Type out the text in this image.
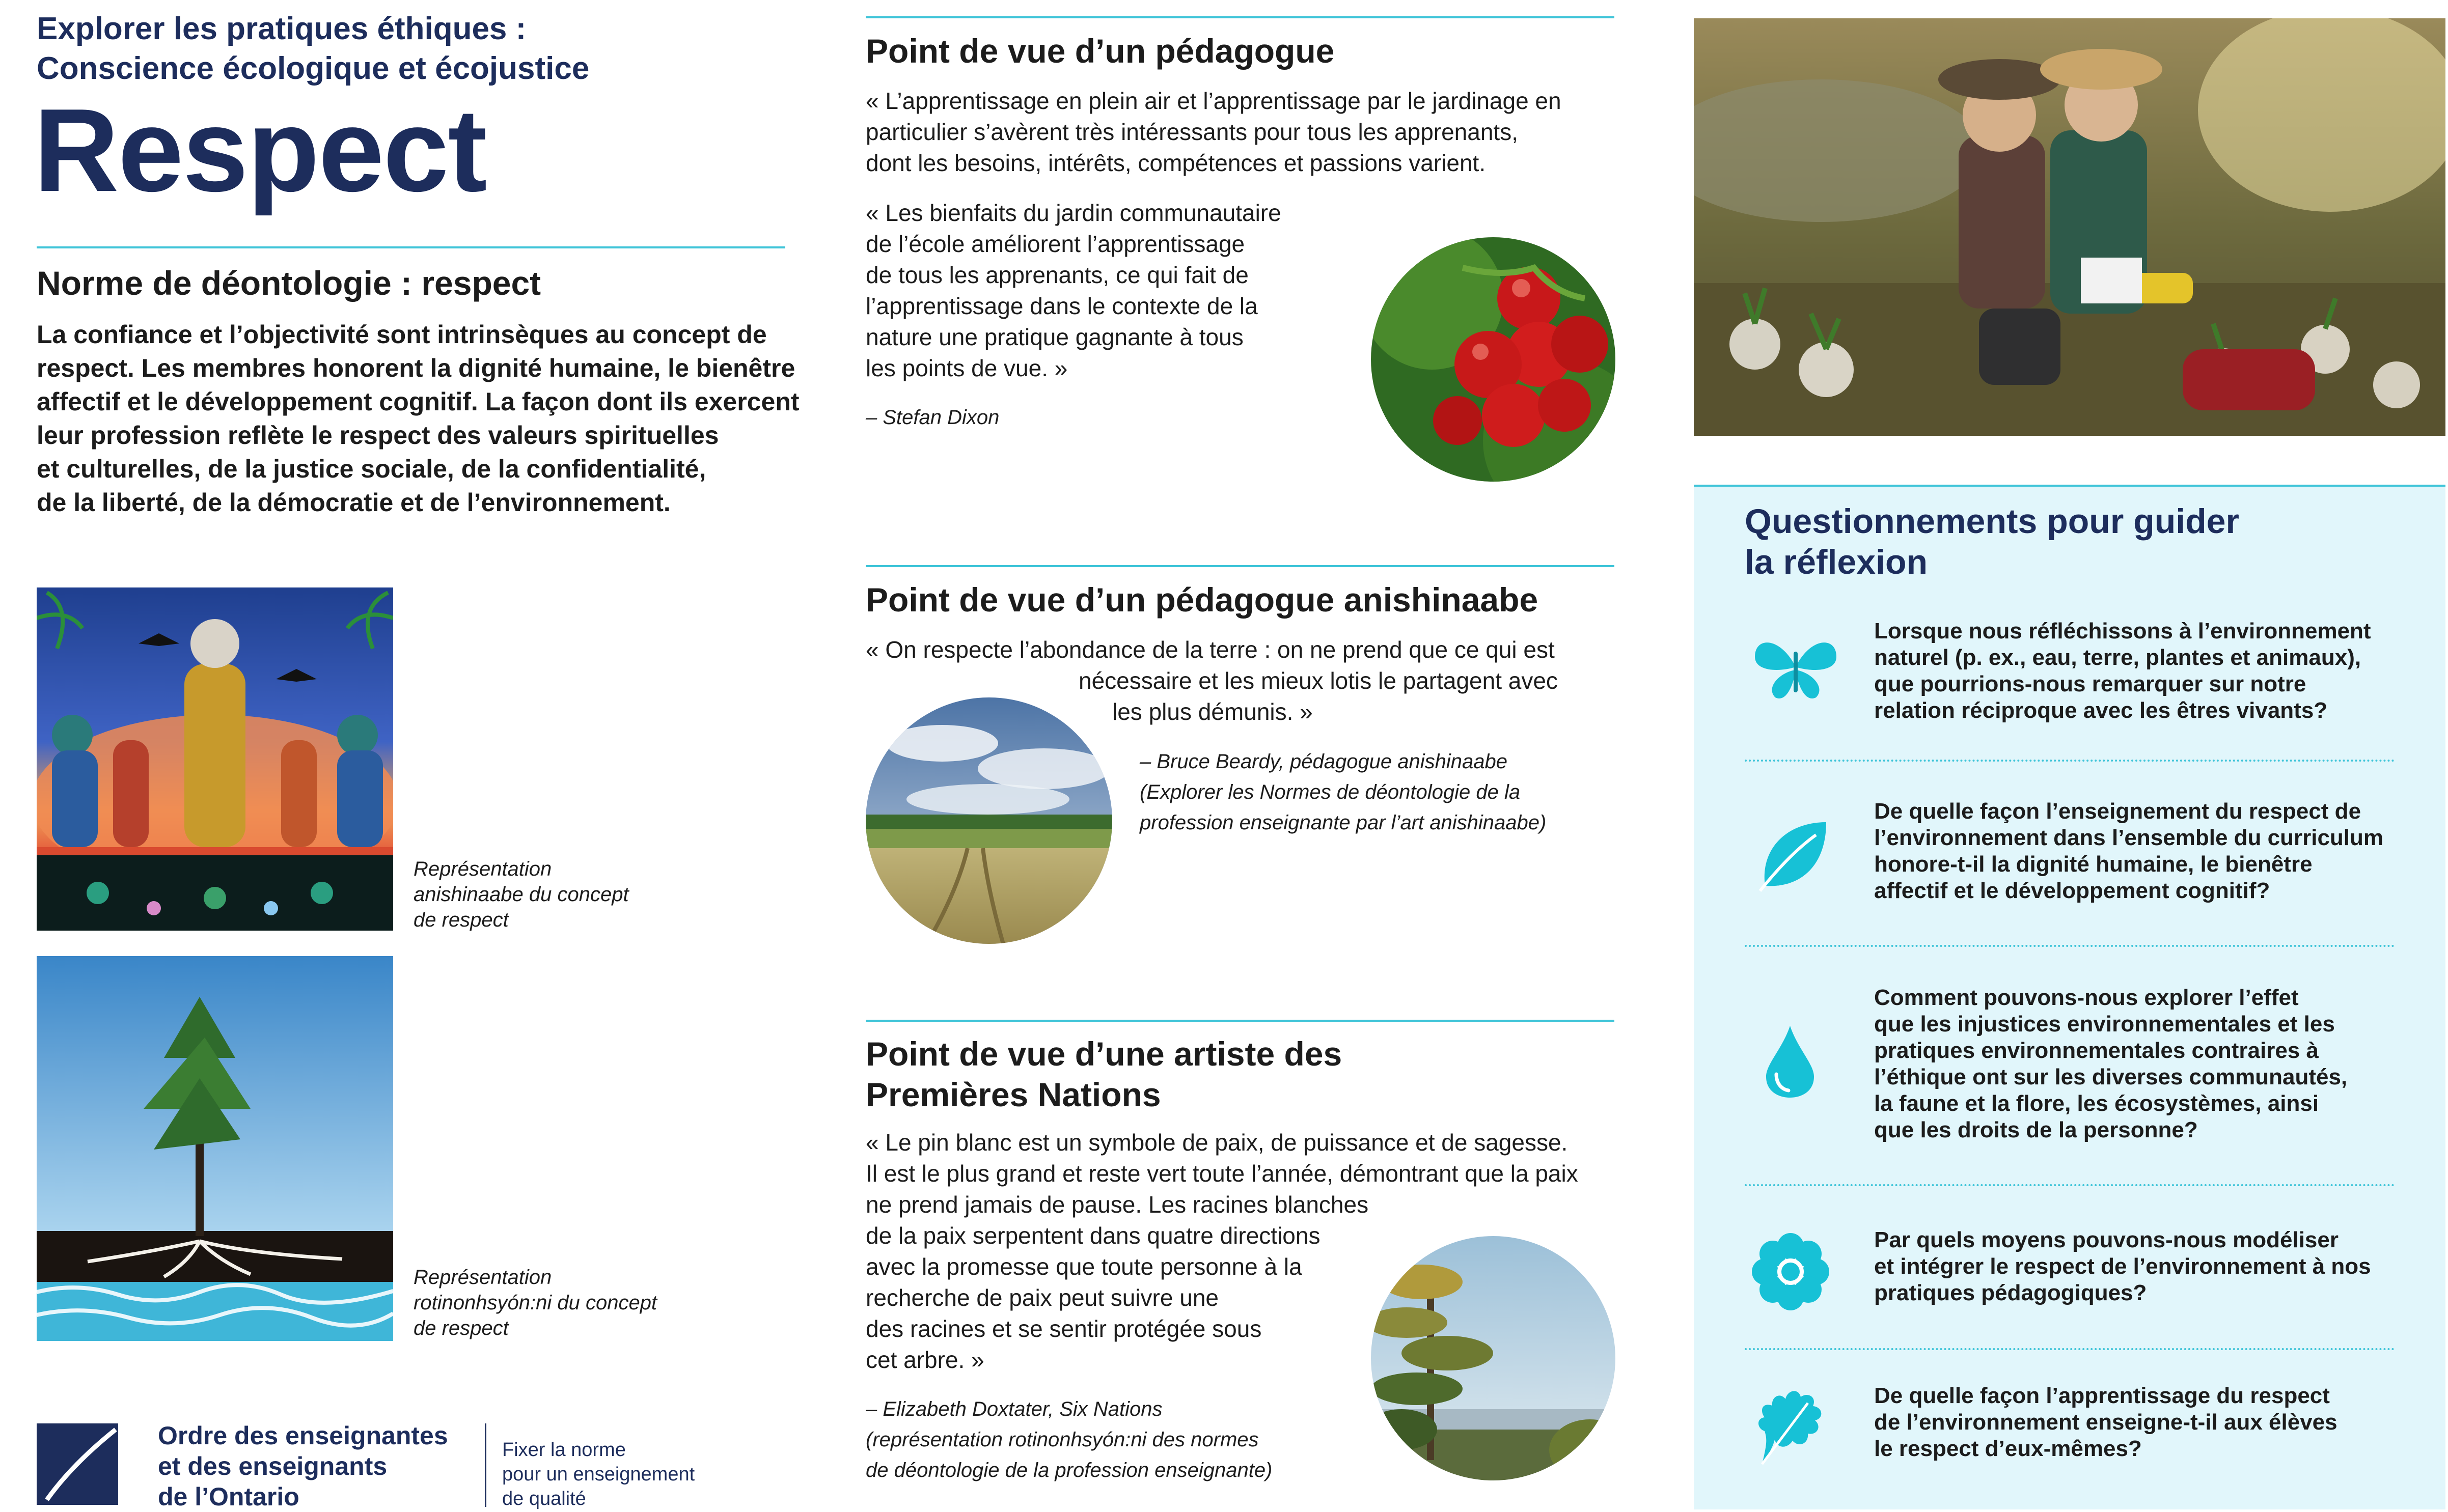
Explorer les pratiques éthiques :
Conscience écologique et écojustice
Respect
Norme de déontologie : respect
La confiance et l’objectivité sont intrinsèques au concept de
respect. Les membres honorent la dignité humaine, le bienêtre
affectif et le développement cognitif. La façon dont ils exercent
leur profession reflète le respect des valeurs spirituelles
et culturelles, de la justice sociale, de la confidentialité,
de la liberté, de la démocratie et de l’environnement.
Représentation
anishinaabe du concept
de respect
Représentation
rotinonhsyón:ni du concept
de respect
Ordre des enseignantes
et des enseignants
de l’Ontario
Fixer la norme
pour un enseignement
de qualité
Point de vue d’un pédagogue
« L’apprentissage en plein air et l’apprentissage par le jardinage en
particulier s’avèrent très intéressants pour tous les apprenants,
dont les besoins, intérêts, compétences et passions varient.
« Les bienfaits du jardin communautaire
de l’école améliorent l’apprentissage
de tous les apprenants, ce qui fait de
l’apprentissage dans le contexte de la
nature une pratique gagnante à tous
les points de vue. »
– Stefan Dixon
Point de vue d’un pédagogue anishinaabe
« On respecte l’abondance de la terre : on ne prend que ce qui est
nécessaire et les mieux lotis le partagent avec
les plus démunis. »
– Bruce Beardy, pédagogue anishinaabe
(Explorer les Normes de déontologie de la
profession enseignante par l’art anishinaabe)
Point de vue d’une artiste des
Premières Nations
« Le pin blanc est un symbole de paix, de puissance et de sagesse.
Il est le plus grand et reste vert toute l’année, démontrant que la paix
ne prend jamais de pause. Les racines blanches
de la paix serpentent dans quatre directions
avec la promesse que toute personne à la
recherche de paix peut suivre une
des racines et se sentir protégée sous
cet arbre. »
– Elizabeth Doxtater, Six Nations
(représentation rotinonhsyón:ni des normes
de déontologie de la profession enseignante)
Questionnements pour guider
la réflexion
Lorsque nous réfléchissons à l’environnement
naturel (p. ex., eau, terre, plantes et animaux),
que pourrions-nous remarquer sur notre
relation réciproque avec les êtres vivants?
De quelle façon l’enseignement du respect de
l’environnement dans l’ensemble du curriculum
honore-t-il la dignité humaine, le bienêtre
affectif et le développement cognitif?
Comment pouvons-nous explorer l’effet
que les injustices environnementales et les
pratiques environnementales contraires à
l’éthique ont sur les diverses communautés,
la faune et la flore, les écosystèmes, ainsi
que les droits de la personne?
Par quels moyens pouvons-nous modéliser
et intégrer le respect de l’environnement à nos
pratiques pédagogiques?
De quelle façon l’apprentissage du respect
de l’environnement enseigne-t-il aux élèves
le respect d’eux-mêmes?
